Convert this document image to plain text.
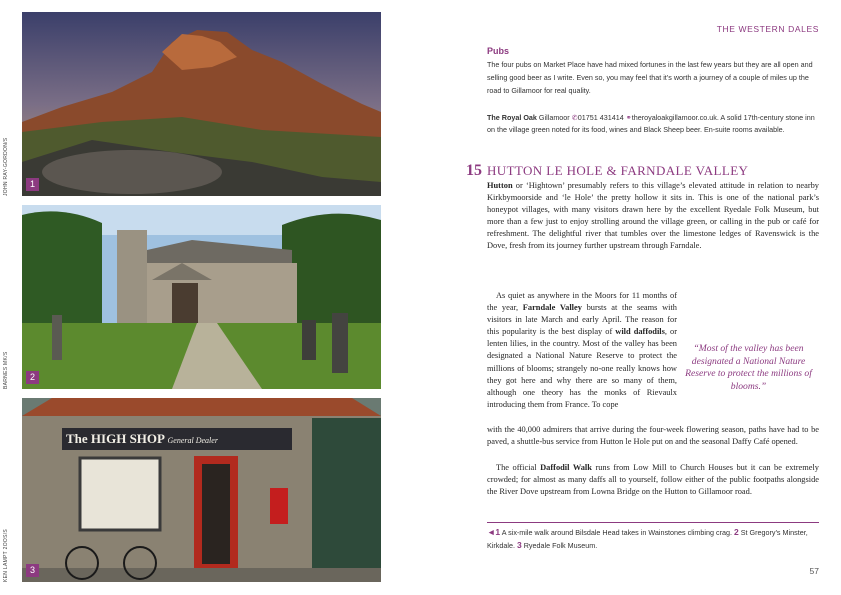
1
JOHN RAY-GORDON/S
2
BARNES MK/S
The HIGH SHOP General Dealer
3
KEN LAMPT 2OOS/S
THE WESTERN DALES
Pubs
The four pubs on Market Place have had mixed fortunes in the last few years but they are all open and selling good beer as I write. Even so, you may feel that it’s worth a journey of a couple of miles up the road to Gillamoor for real quality.
The Royal Oak Gillamoor ✆01751 431414 ⚭theroyaloakgillamoor.co.uk. A solid 17th-century stone inn on the village green noted for its food, wines and Black Sheep beer. En-suite rooms available.
15 HUTTON LE HOLE & FARNDALE VALLEY

Hutton or ‘Hightown’ presumably refers to this village’s elevated attitude in relation to nearby Kirkbymoorside and ‘le Hole’ the pretty hollow it sits in. This is one of the national park’s honeypot villages, with many visitors drawn here by the excellent Ryedale Folk Museum, but more than a few just to enjoy strolling around the village green, or calling in the pub or café for refreshment. The delightful river that tumbles over the limestone ledges of Ravenswick is the Dove, fresh from its journey further upstream through Farndale.

As quiet as anywhere in the Moors for 11 months of the year, Farndale Valley bursts at the seams with visitors in late March and early April. The reason for this popularity is the best display of wild daffodils, or lenten lilies, in the country. Most of the valley has been designated a National Nature Reserve to protect the millions of blooms; strangely no-one really knows how they got here and why there are so many of them, although one theory has the monks of Rievaulx introducing them from France. To cope

with the 40,000 admirers that arrive during the four-week flowering season, paths have had to be paved, a shuttle-bus service from Hutton le Hole put on and the seasonal Daffy Café opened.
“Most of the valley has been designated a National Nature Reserve to protect the millions of blooms.”

The official Daffodil Walk runs from Low Mill to Church Houses but it can be extremely crowded; for almost as many daffs all to yourself, follow either of the public footpaths alongside the River Dove upstream from Lowna Bridge on the Hutton to Gillamoor road.

◄1 A six-mile walk around Bilsdale Head takes in Wainstones climbing crag. 2 St Gregory’s Minster, Kirkdale. 3 Ryedale Folk Museum.
57
